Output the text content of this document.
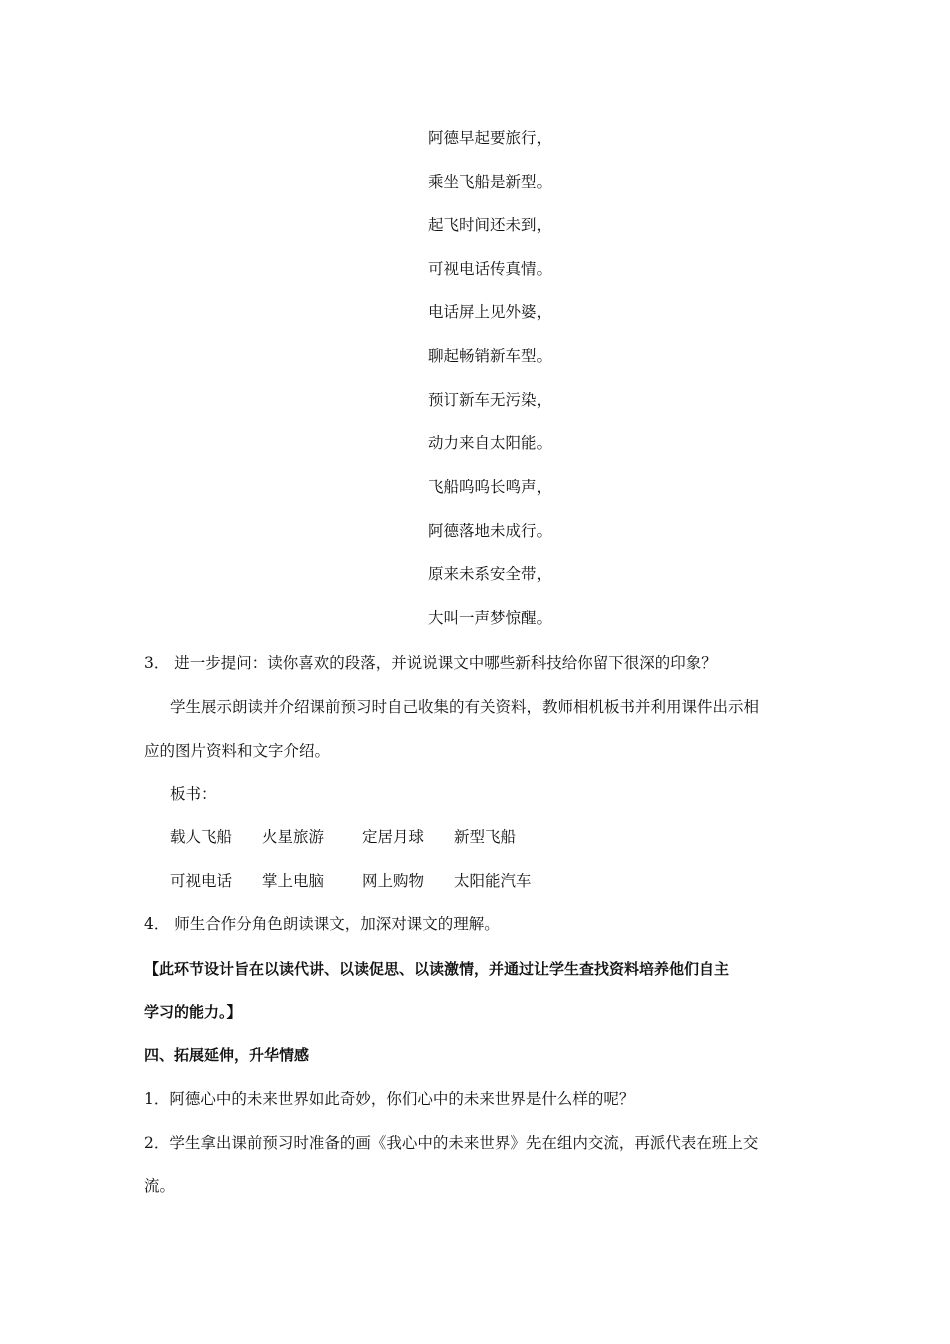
阿德早起要旅行，
乘坐飞船是新型。
起飞时间还未到，
可视电话传真情。
电话屏上见外婆，
聊起畅销新车型。
预订新车无污染，
动力来自太阳能。
飞船呜呜长鸣声，
阿德落地未成行。
原来未系安全带，
大叫一声梦惊醒。
3． 进一步提问：读你喜欢的段落，并说说课文中哪些新科技给你留下很深的印象？
学生展示朗读并介绍课前预习时自己收集的有关资料，教师相机板书并利用课件出示相
应的图片资料和文字介绍。
板书：
载人飞船 火星旅游 定居月球 新型飞船
可视电话 掌上电脑 网上购物 太阳能汽车
4． 师生合作分角色朗读课文，加深对课文的理解。
【此环节设计旨在以读代讲、以读促思、以读激情，并通过让学生查找资料培养他们自主
学习的能力。】
四、拓展延伸，升华情感
1．阿德心中的未来世界如此奇妙，你们心中的未来世界是什么样的呢？
2．学生拿出课前预习时准备的画《我心中的未来世界》先在组内交流，再派代表在班上交
流。
